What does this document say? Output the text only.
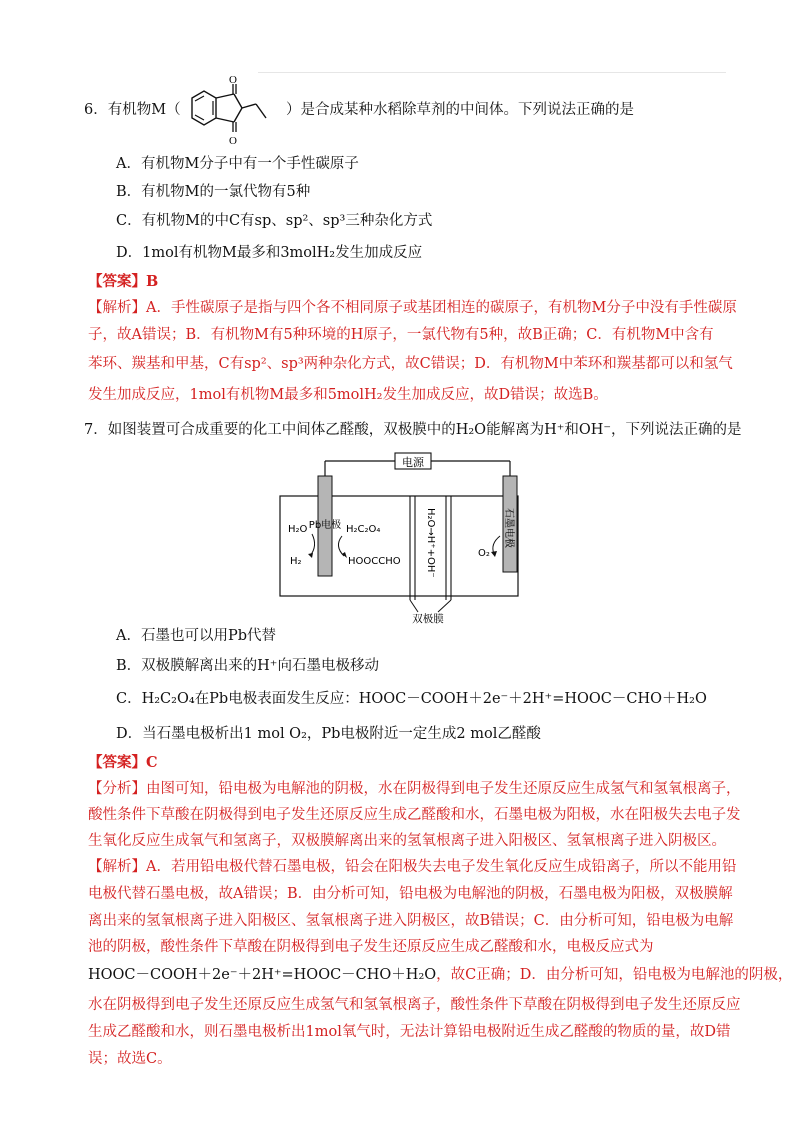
6．有机物M（
O
O
）是合成某种水稻除草剂的中间体。下列说法正确的是
A．有机物M分子中有一个手性碳原子
B．有机物M的一氯代物有5种
C．有机物M的中C有sp、sp²、sp³三种杂化方式
D．1mol有机物M最多和3molH₂发生加成反应
【答案】B
【解析】A．手性碳原子是指与四个各不相同原子或基团相连的碳原子，有机物M分子中没有手性碳原
子，故A错误；B．有机物M有5种环境的H原子，一氯代物有5种，故B正确；C．有机物M中含有
苯环、羰基和甲基，C有sp²、sp³两种杂化方式，故C错误；D．有机物M中苯环和羰基都可以和氢气
发生加成反应，1mol有机物M最多和5molH₂发生加成反应，故D错误；故选B。
7．如图装置可合成重要的化工中间体乙醛酸，双极膜中的H₂O能解离为H⁺和OH⁻，下列说法正确的是
电源
H₂O→H⁺+OH⁻
双极膜
Pb电极	石墨电极
H₂O
H₂
H₂C₂O₄
HOOCCHO
O₂
A．石墨也可以用Pb代替
B．双极膜解离出来的H⁺向石墨电极移动
C．H₂C₂O₄在Pb电极表面发生反应：HOOC－COOH＋2e⁻＋2H⁺=HOOC－CHO＋H₂O
D．当石墨电极析出1 mol O₂，Pb电极附近一定生成2 mol乙醛酸
【答案】C
【分析】由图可知，铅电极为电解池的阴极，水在阴极得到电子发生还原反应生成氢气和氢氧根离子，
酸性条件下草酸在阴极得到电子发生还原反应生成乙醛酸和水，石墨电极为阳极，水在阳极失去电子发
生氧化反应生成氧气和氢离子，双极膜解离出来的氢氧根离子进入阳极区、氢氧根离子进入阴极区。
【解析】A．若用铅电极代替石墨电极，铅会在阳极失去电子发生氧化反应生成铅离子，所以不能用铅
电极代替石墨电极，故A错误；B．由分析可知，铅电极为电解池的阴极，石墨电极为阳极，双极膜解
离出来的氢氧根离子进入阳极区、氢氧根离子进入阴极区，故B错误；C．由分析可知，铅电极为电解
池的阴极，酸性条件下草酸在阴极得到电子发生还原反应生成乙醛酸和水，电极反应式为
HOOC－COOH＋2e⁻＋2H⁺=HOOC－CHO＋H₂O，故C正确；D．由分析可知，铅电极为电解池的阴极，
水在阴极得到电子发生还原反应生成氢气和氢氧根离子，酸性条件下草酸在阴极得到电子发生还原反应
生成乙醛酸和水，则石墨电极析出1mol氧气时，无法计算铅电极附近生成乙醛酸的物质的量，故D错
误；故选C。
